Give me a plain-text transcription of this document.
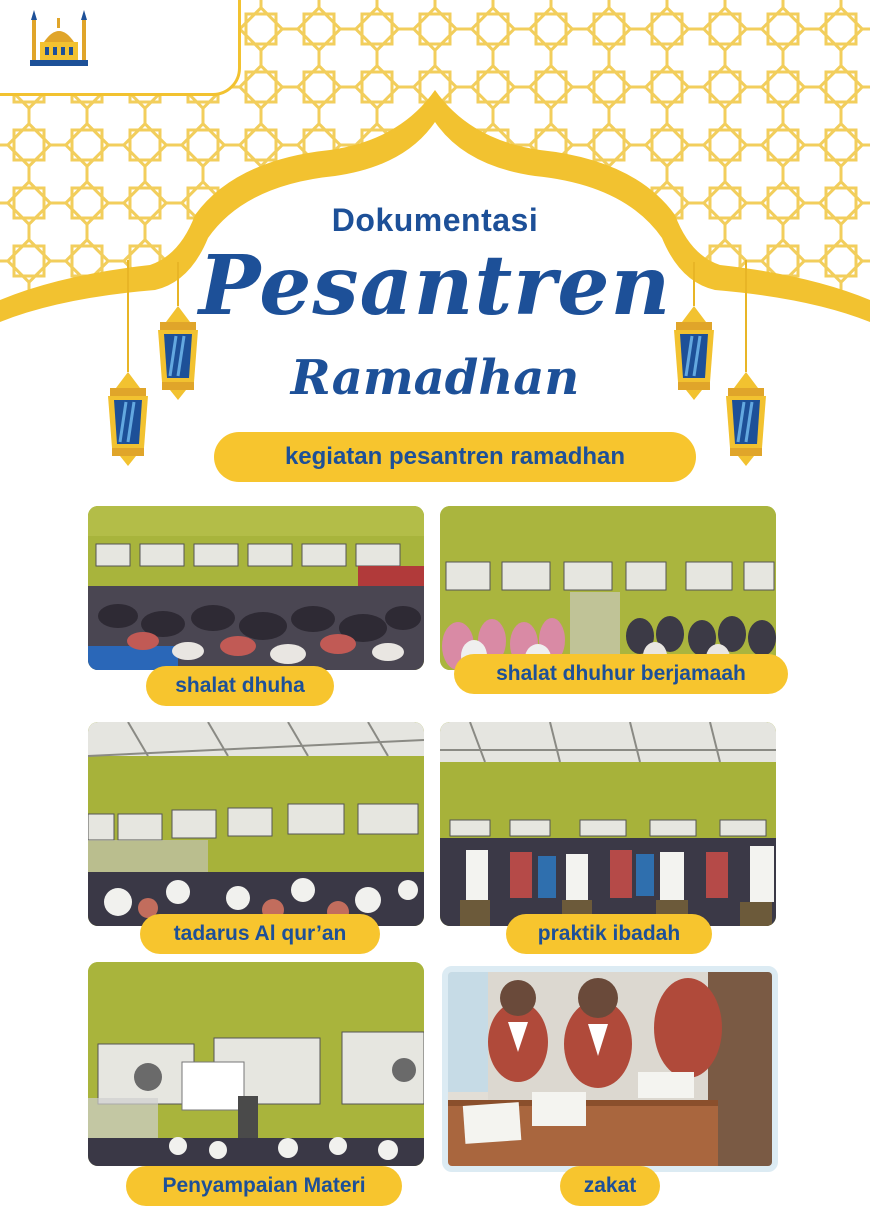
Dokumentasi
Pesantren
Ramadhan
kegiatan pesantren ramadhan
shalat dhuha
shalat dhuhur berjamaah
tadarus Al qur’an	praktik ibadah
Penyampaian Materi	zakat
